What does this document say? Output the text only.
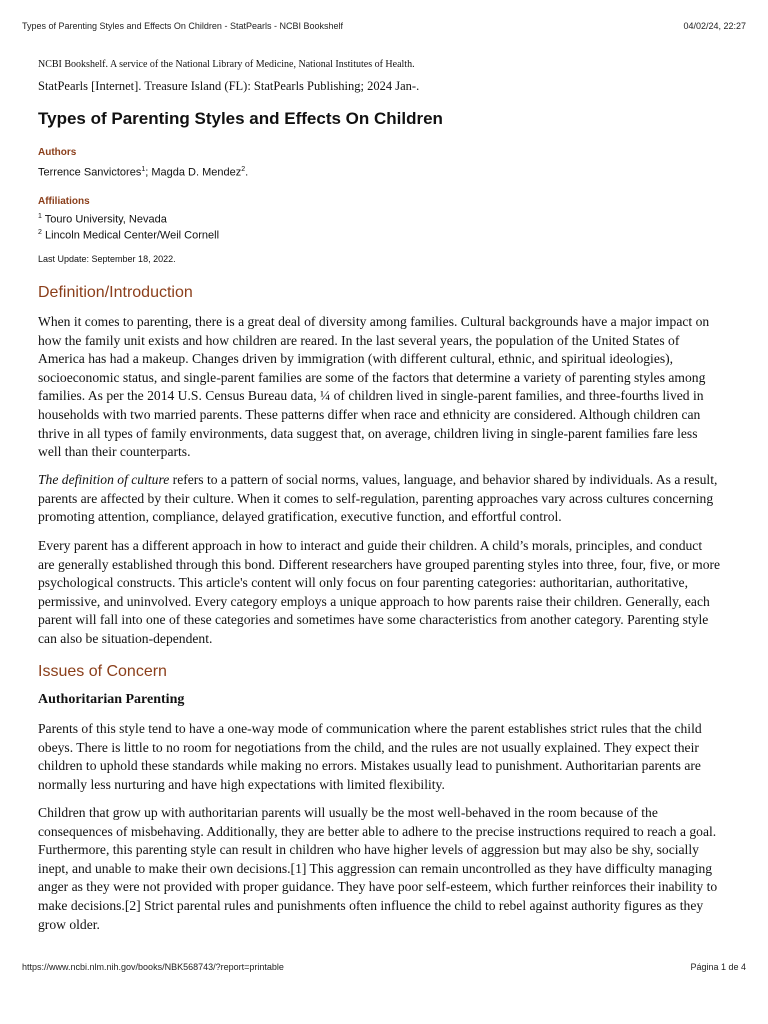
Types of Parenting Styles and Effects On Children - StatPearls - NCBI Bookshelf	04/02/24, 22:27
NCBI Bookshelf. A service of the National Library of Medicine, National Institutes of Health.
StatPearls [Internet]. Treasure Island (FL): StatPearls Publishing; 2024 Jan-.
Types of Parenting Styles and Effects On Children
Authors
Terrence Sanvictores$^1$; Magda D. Mendez$^2$.
Affiliations
$^1$ Touro University, Nevada
$^2$ Lincoln Medical Center/Weil Cornell
Last Update: September 18, 2022.
Definition/Introduction

When it comes to parenting, there is a great deal of diversity among families. Cultural backgrounds have a major impact on how the family unit exists and how children are reared. In the last several years, the population of the United States of America has had a makeup. Changes driven by immigration (with different cultural, ethnic, and spiritual ideologies), socioeconomic status, and single-parent families are some of the factors that determine a variety of parenting styles among families. As per the 2014 U.S. Census Bureau data, ¼ of children lived in single-parent families, and three-fourths lived in households with two married parents. These patterns differ when race and ethnicity are considered. Although children can thrive in all types of family environments, data suggest that, on average, children living in single-parent families fare less well than their counterparts.

The definition of culture refers to a pattern of social norms, values, language, and behavior shared by individuals. As a result, parents are affected by their culture. When it comes to self-regulation, parenting approaches vary across cultures concerning promoting attention, compliance, delayed gratification, executive function, and effortful control.

Every parent has a different approach in how to interact and guide their children. A child’s morals, principles, and conduct are generally established through this bond. Different researchers have grouped parenting styles into three, four, five, or more psychological constructs. This article's content will only focus on four parenting categories: authoritarian, authoritative, permissive, and uninvolved. Every category employs a unique approach to how parents raise their children. Generally, each parent will fall into one of these categories and sometimes have some characteristics from another category. Parenting style can also be situation-dependent.

Issues of Concern
Authoritarian Parenting

Parents of this style tend to have a one-way mode of communication where the parent establishes strict rules that the child obeys. There is little to no room for negotiations from the child, and the rules are not usually explained. They expect their children to uphold these standards while making no errors. Mistakes usually lead to punishment. Authoritarian parents are normally less nurturing and have high expectations with limited flexibility.

Children that grow up with authoritarian parents will usually be the most well-behaved in the room because of the consequences of misbehaving. Additionally, they are better able to adhere to the precise instructions required to reach a goal. Furthermore, this parenting style can result in children who have higher levels of aggression but may also be shy, socially inept, and unable to make their own decisions.[1] This aggression can remain uncontrolled as they have difficulty managing anger as they were not provided with proper guidance. They have poor self-esteem, which further reinforces their inability to make decisions.[2] Strict parental rules and punishments often influence the child to rebel against authority figures as they grow older.

https://www.ncbi.nlm.nih.gov/books/NBK568743/?report=printable	Página 1 de 4
